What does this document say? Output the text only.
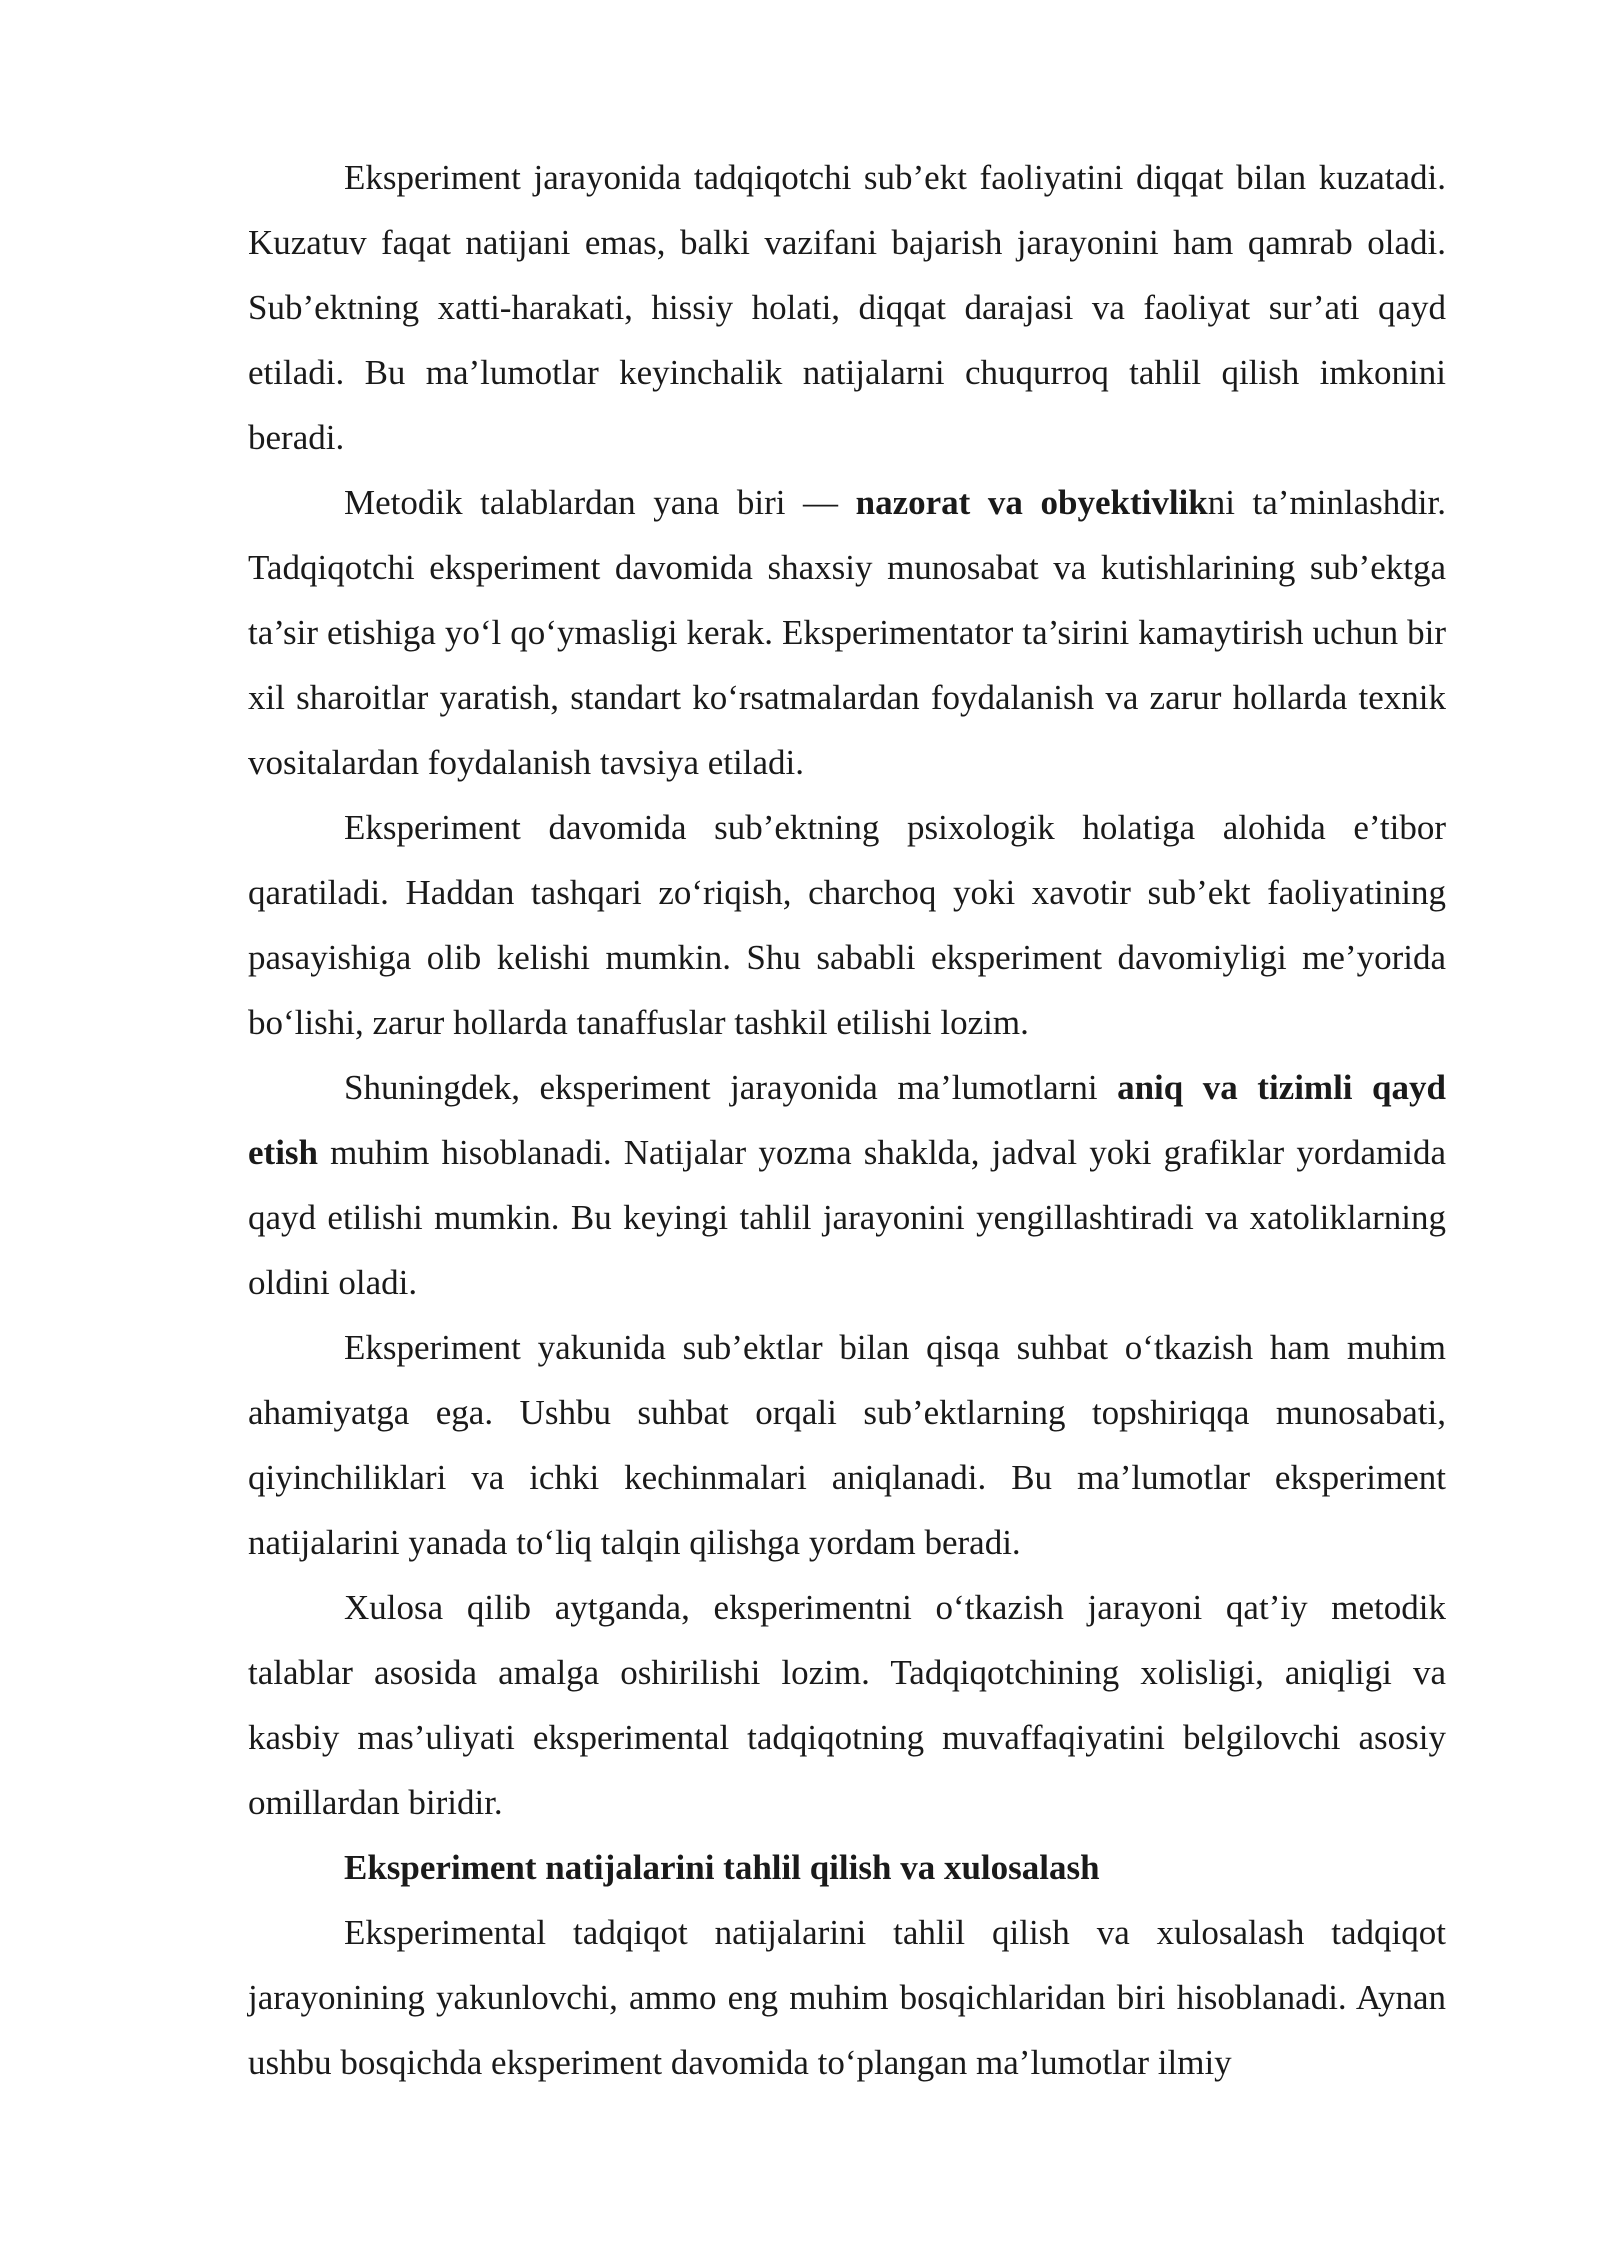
Eksperiment jarayonida tadqiqotchi sub’ekt faoliyatini diqqat bilan kuzatadi. Kuzatuv faqat natijani emas, balki vazifani bajarish jarayonini ham qamrab oladi. Sub’ektning xatti-harakati, hissiy holati, diqqat darajasi va faoliyat sur’ati qayd etiladi. Bu ma’lumotlar keyinchalik natijalarni chuqurroq tahlil qilish imkonini beradi.

Metodik talablardan yana biri — nazorat va obyektivlikni ta’minlashdir. Tadqiqotchi eksperiment davomida shaxsiy munosabat va kutishlarining sub’ektga ta’sir etishiga yo‘l qo‘ymasligi kerak. Eksperimentator ta’sirini kamaytirish uchun bir xil sharoitlar yaratish, standart ko‘rsatmalardan foydalanish va zarur hollarda texnik vositalardan foydalanish tavsiya etiladi.

Eksperiment davomida sub’ektning psixologik holatiga alohida e’tibor qaratiladi. Haddan tashqari zo‘riqish, charchoq yoki xavotir sub’ekt faoliyatining pasayishiga olib kelishi mumkin. Shu sababli eksperiment davomiyligi me’yorida bo‘lishi, zarur hollarda tanaffuslar tashkil etilishi lozim.

Shuningdek, eksperiment jarayonida ma’lumotlarni aniq va tizimli qayd etish muhim hisoblanadi. Natijalar yozma shaklda, jadval yoki grafiklar yordamida qayd etilishi mumkin. Bu keyingi tahlil jarayonini yengillashtiradi va xatoliklarning oldini oladi.

Eksperiment yakunida sub’ektlar bilan qisqa suhbat o‘tkazish ham muhim ahamiyatga ega. Ushbu suhbat orqali sub’ektlarning topshiriqqa munosabati, qiyinchiliklari va ichki kechinmalari aniqlanadi. Bu ma’lumotlar eksperiment natijalarini yanada to‘liq talqin qilishga yordam beradi.

Xulosa qilib aytganda, eksperimentni o‘tkazish jarayoni qat’iy metodik talablar asosida amalga oshirilishi lozim. Tadqiqotchining xolisligi, aniqligi va kasbiy mas’uliyati eksperimental tadqiqotning muvaffaqiyatini belgilovchi asosiy omillardan biridir.

Eksperiment natijalarini tahlil qilish va xulosalash

Eksperimental tadqiqot natijalarini tahlil qilish va xulosalash tadqiqot jarayonining yakunlovchi, ammo eng muhim bosqichlaridan biri hisoblanadi. Aynan ushbu bosqichda eksperiment davomida to‘plangan ma’lumotlar ilmiy
